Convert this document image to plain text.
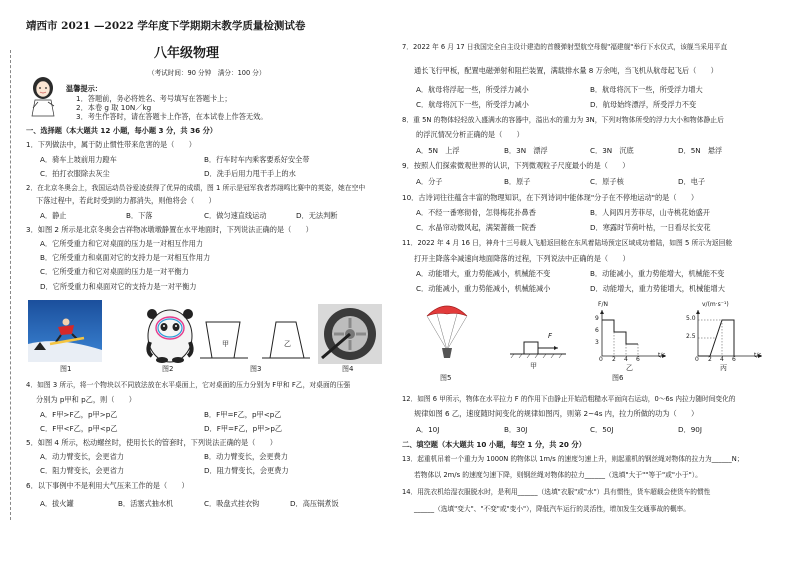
靖西市 2021 —2022 学年度下学期期末教学质量检测试卷
八年级物理
（考试时间：90 分钟　满分：100 分）
温馨提示：
1．答题前，务必将姓名、考号填写在答题卡上；
2．本卷 g 取 10N／kg
3．考生作答时，请在答题卡上作答，在本试卷上作答无效。
一、选择题（本大题共 12 小题，每小题 3 分，共 36 分）
1．下列做法中，属于防止惯性带来危害的是（　　）
A．骑车上坡前用力蹬车	B．行车时车内乘客要系好安全带
C．拍打衣服除去灰尘	D．洗手后用力甩干手上的水
2．在北京冬奥会上，我国运动员谷爱凌获得了优异的成绩，图 1 所示是冠军我者苏翊鸣比赛中的英姿，她在空中
下落过程中，若此时受到的力都消失，则他将会（　　）
A．静止	B．下落	C．做匀速直线运动	D．无法判断
3．如图 2 所示是北京冬奥会吉祥物冰墩墩静置在水平地面时，下列说法正确的是（　　）
A．它所受重力和它对桌面的压力是一对相互作用力
B．它所受重力和桌面对它的支持力是一对相互作用力
C．它所受重力和它对桌面的压力是一对平衡力
D．它所受重力和桌面对它的支持力是一对平衡力
图1	图2
甲	乙
图3	图4
4．如图 3 所示，将一个物块以不同放法放在水平桌面上，它对桌面的压力分别为 F甲和 F乙，对桌面的压强
分别为 p甲和 p乙，则（　　）
A．F甲>F乙，p甲>p乙	B．F甲=F乙，p甲<p乙
C．F甲<F乙，p甲<p乙	D．F甲=F乙，p甲>p乙
5．如图 4 所示，松动螺丝时，使用长长的管套时，下列说法正确的是（　　）
A．动力臂变长，会更省力	B．动力臂变长，会更费力
C．阻力臂变长，会更省力	D．阻力臂变长，会更费力
6．以下事例中不是利用大气压来工作的是（　　）
A．拔火罐	B．活塞式抽水机	C．吸盘式挂衣钩	D．高压锅煮饭
7．2022 年 6 月 17 日我国完全自主设计建造的首艘弹射型航空母舰"福建舰"举行下水仪式，该舰当采用平直
通长飞行甲板，配置电磁弹射和阻拦装置，满载排水量 8 万余吨，当飞机从航母起飞后（　　）
A．航母将浮起一些，所受浮力减小	B．航母将沉下一些，所受浮力增大
C．航母将沉下一些，所受浮力减小	D．航母始终漂浮，所受浮力不变
8．重 5N 的物体轻轻放入盛满水的容器中，溢出水的重力为 3N，下列对物体所受的浮力大小和物体静止后
的浮沉情况分析正确的是（　　）
A．5N　上浮	B．3N　漂浮	C．3N　沉底	D．5N　悬浮
9．按照人们探索微观世界的认识，下列微观粒子尺度最小的是（　　）
A．分子	B．原子	C．原子核	D．电子
10．古诗词往往蕴含丰富的物理知识，在下列诗词中能体现"分子在不停地运动"的是（　　）
A．不经一番寒彻骨，怎得梅花扑鼻香	B．人间四月芳菲尽，山寺桃花始盛开
C．水晶帘动微风起，满架蔷薇一院香	D．寒露时节荷叶枯，一日看尽长安花
11．2022 年 4 月 16 日，神舟十三号载人飞船返回舱在东风着陆场预定区域成功着陆，如图 5 所示为返回舱
打开主降落伞减速向地面降落的过程，下列说法中正确的是（　　）
A．动能增大，重力势能减小，机械能不变	B．动能减小，重力势能增大，机械能不变
C．动能减小，重力势能减小，机械能减小	D．动能增大，重力势能增大，机械能增大
图5
F
甲
F/N
9
6
3
0 2 4 6
t/s
乙
图6
v/(m·s⁻¹)
5.0
2.5
0 2 4 6
t/s
丙
12．如图 6 甲所示，物体在水平拉力 F 的作用下由静止开始沿粗糙水平面向右运动，0～6s 内拉力随时间变化的
规律如图 6 乙，速度随时间变化的规律如图丙，则第 2~4s 内，拉力所做的功为（　　）
A．10J	B．30J	C．50J	D．90J
二、填空题（本大题共 10 小题，每空 1 分，共 20 分）
13．起重机吊着一个重力为 1000N 的物体以 1m/s 的速度匀速上升，则起重机的钢丝绳对物体的拉力为______N；
若物体以 2m/s 的速度匀速下降，则钢丝绳对物体的拉力______（选填"大于""等于"或"小于"）。
14．用洗衣机给湿衣服脱水时，是利用______（选填"衣服"或"水"）具有惯性，货车超载会使货车的惯性
______（选填"变大"、"不变"或"变小"），降低汽车运行的灵活性，增加发生交通事故的概率。
